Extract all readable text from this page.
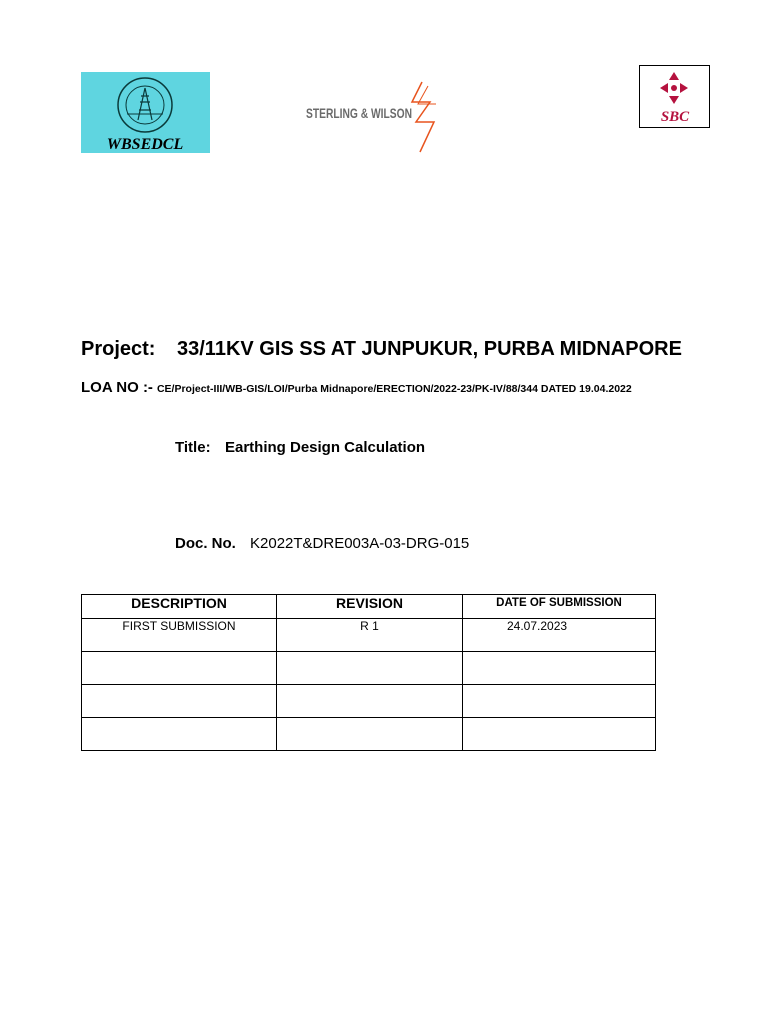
WBSEDCL
STERLING & WILSON	SBC
Project: 33/11KV GIS SS AT JUNPUKUR, PURBA MIDNAPORE
LOA NO :- CE/Project-III/WB-GIS/LOI/Purba Midnapore/ERECTION/2022-23/PK-IV/88/344 DATED 19.04.2022
Title: Earthing Design Calculation
Doc. No. K2022T&DRE003A-03-DRG-015
DESCRIPTION	REVISION	DATE OF SUBMISSION
FIRST SUBMISSION	R 1	24.07.2023
